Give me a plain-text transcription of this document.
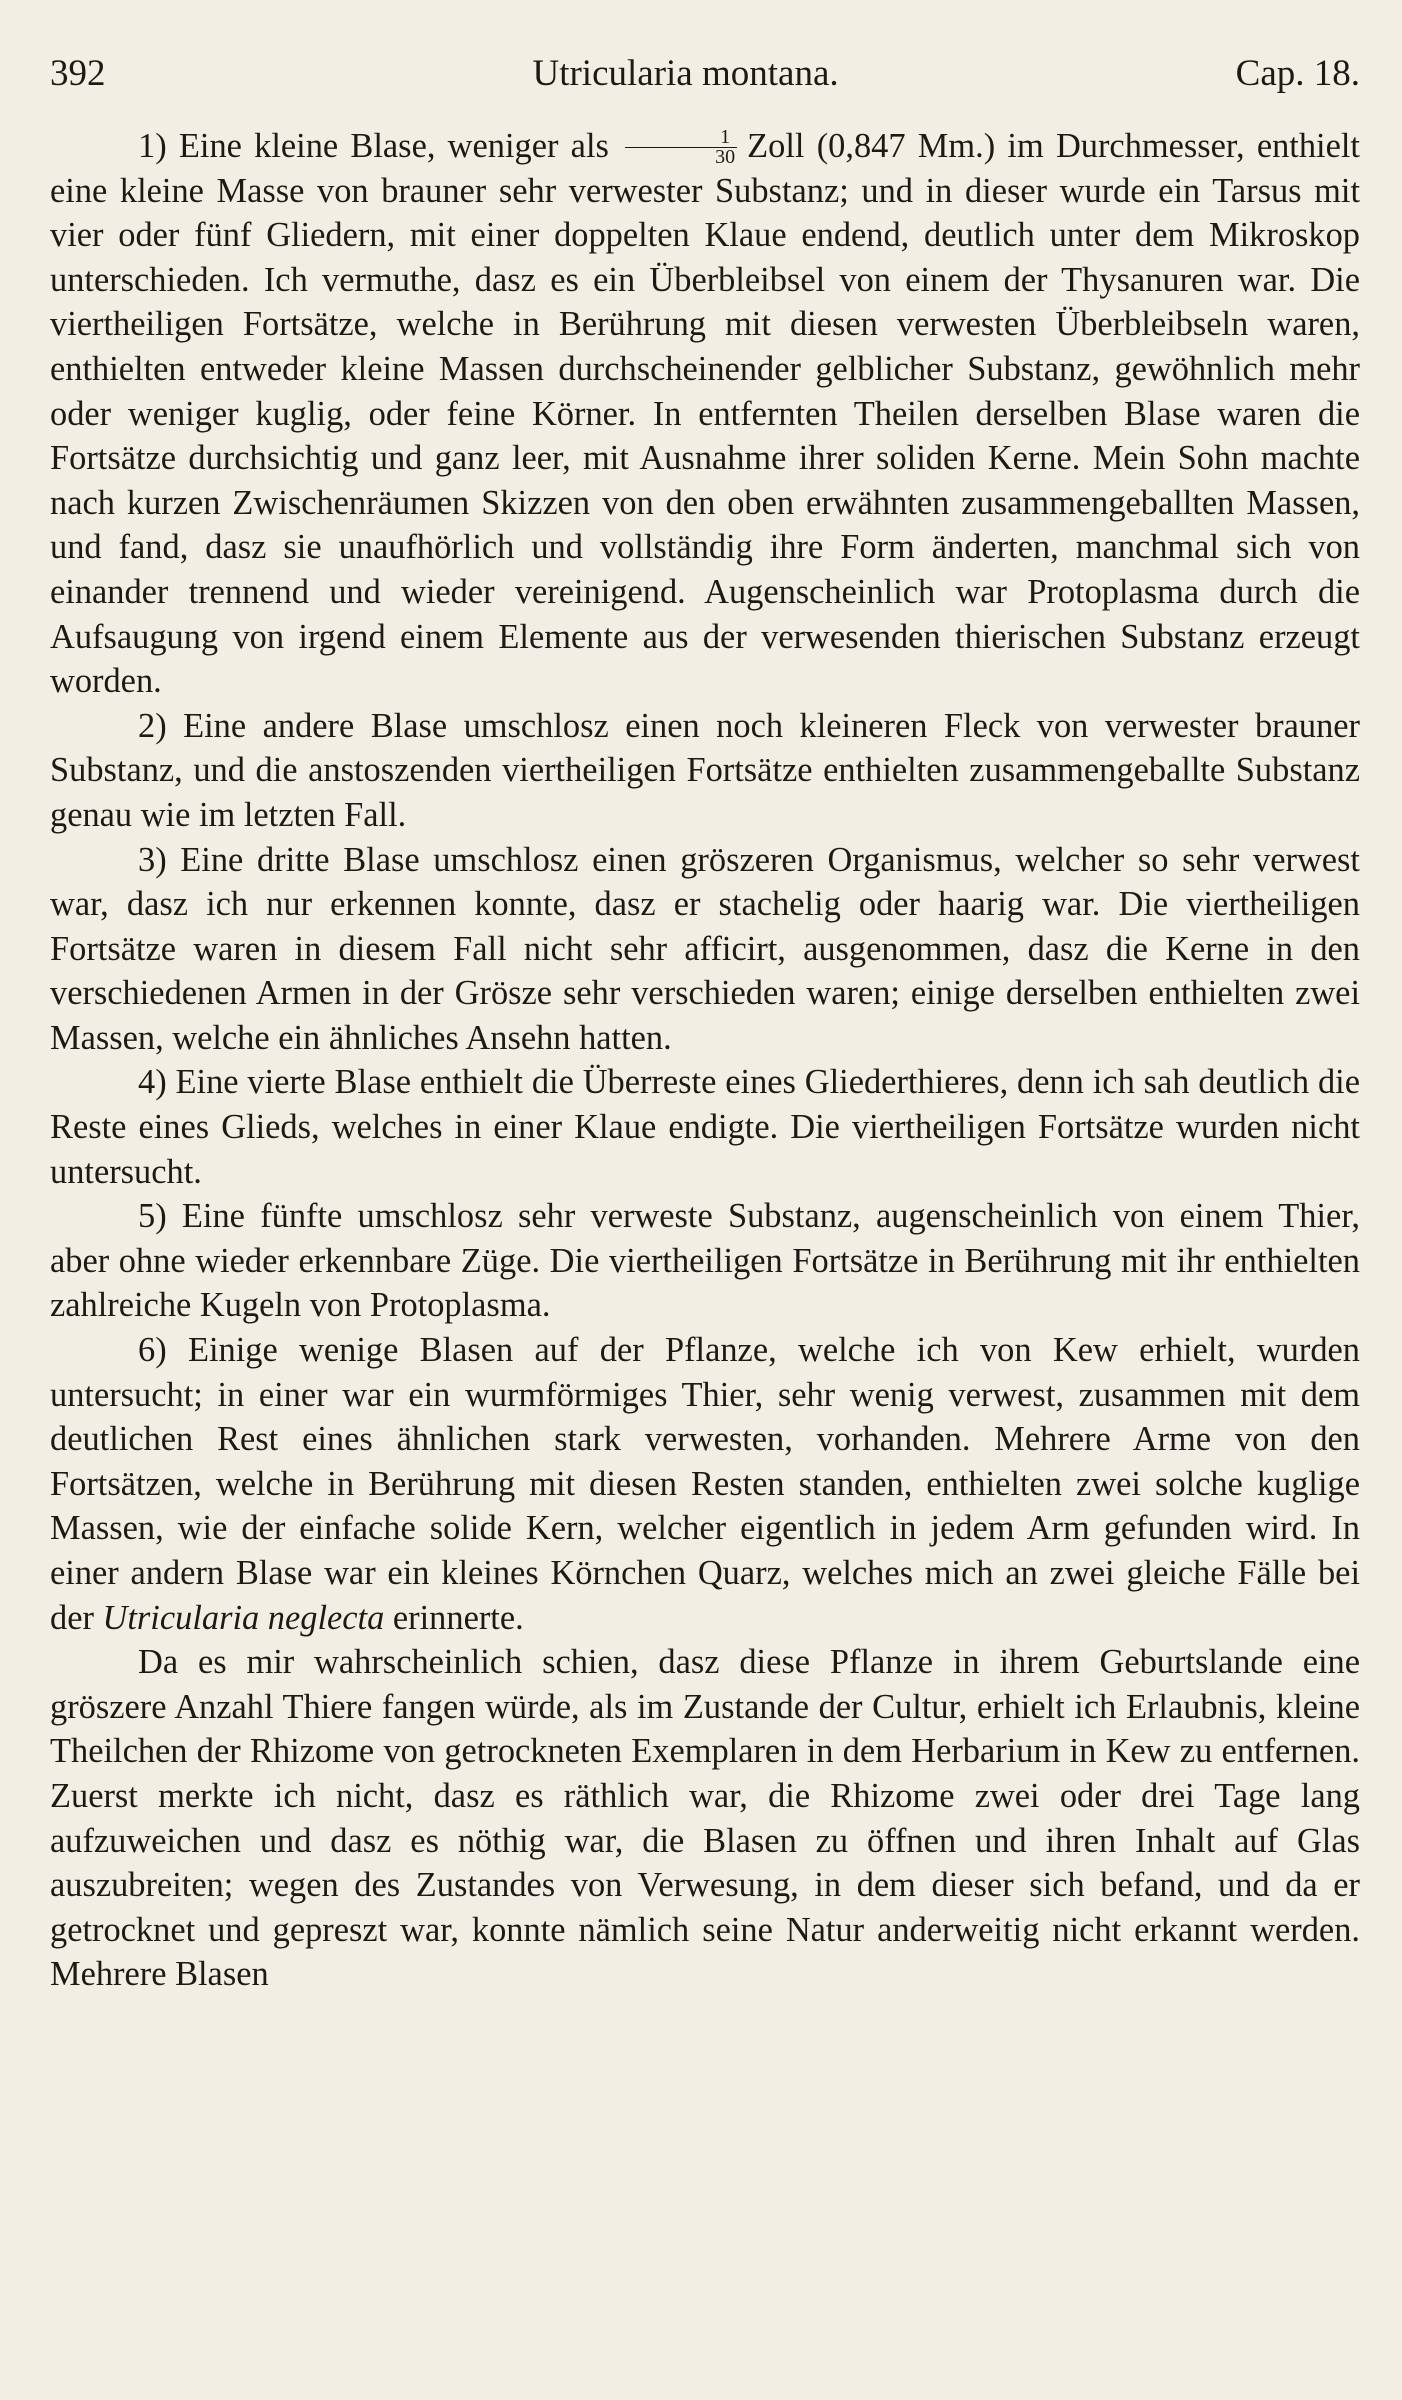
392	Utricularia montana.	Cap. 18.

1) Eine kleine Blase, weniger als $\frac{1}{30}$ Zoll (0,847 Mm.) im Durchmesser, enthielt eine kleine Masse von brauner sehr verwester Substanz; und in dieser wurde ein Tarsus mit vier oder fünf Gliedern, mit einer doppelten Klaue endend, deutlich unter dem Mikroskop unterschieden. Ich vermuthe, dasz es ein Überbleibsel von einem der Thysanuren war. Die viertheiligen Fortsätze, welche in Berührung mit diesen verwesten Überbleibseln waren, enthielten entweder kleine Massen durchscheinender gelblicher Substanz, gewöhnlich mehr oder weniger kuglig, oder feine Körner. In entfernten Theilen derselben Blase waren die Fortsätze durchsichtig und ganz leer, mit Ausnahme ihrer soliden Kerne. Mein Sohn machte nach kurzen Zwischenräumen Skizzen von den oben erwähnten zusammengeballten Massen, und fand, dasz sie unaufhörlich und vollständig ihre Form änderten, manchmal sich von einander trennend und wieder vereinigend. Augenscheinlich war Protoplasma durch die Aufsaugung von irgend einem Elemente aus der verwesenden thierischen Substanz erzeugt worden.

2) Eine andere Blase umschlosz einen noch kleineren Fleck von verwester brauner Substanz, und die anstoszenden viertheiligen Fortsätze enthielten zusammengeballte Substanz genau wie im letzten Fall.

3) Eine dritte Blase umschlosz einen gröszeren Organismus, welcher so sehr verwest war, dasz ich nur erkennen konnte, dasz er stachelig oder haarig war. Die viertheiligen Fortsätze waren in diesem Fall nicht sehr afficirt, ausgenommen, dasz die Kerne in den verschiedenen Armen in der Grösze sehr verschieden waren; einige derselben enthielten zwei Massen, welche ein ähnliches Ansehn hatten.

4) Eine vierte Blase enthielt die Überreste eines Gliederthieres, denn ich sah deutlich die Reste eines Glieds, welches in einer Klaue endigte. Die viertheiligen Fortsätze wurden nicht untersucht.

5) Eine fünfte umschlosz sehr verweste Substanz, augenscheinlich von einem Thier, aber ohne wieder erkennbare Züge. Die viertheiligen Fortsätze in Berührung mit ihr enthielten zahlreiche Kugeln von Protoplasma.

6) Einige wenige Blasen auf der Pflanze, welche ich von Kew erhielt, wurden untersucht; in einer war ein wurmförmiges Thier, sehr wenig verwest, zusammen mit dem deutlichen Rest eines ähnlichen stark verwesten, vorhanden. Mehrere Arme von den Fortsätzen, welche in Berührung mit diesen Resten standen, enthielten zwei solche kuglige Massen, wie der einfache solide Kern, welcher eigentlich in jedem Arm gefunden wird. In einer andern Blase war ein kleines Körnchen Quarz, welches mich an zwei gleiche Fälle bei der Utricularia neglecta erinnerte.

Da es mir wahrscheinlich schien, dasz diese Pflanze in ihrem Geburtslande eine gröszere Anzahl Thiere fangen würde, als im Zustande der Cultur, erhielt ich Erlaubnis, kleine Theilchen der Rhizome von getrockneten Exemplaren in dem Herbarium in Kew zu entfernen. Zuerst merkte ich nicht, dasz es räthlich war, die Rhizome zwei oder drei Tage lang aufzuweichen und dasz es nöthig war, die Blasen zu öffnen und ihren Inhalt auf Glas auszubreiten; wegen des Zustandes von Verwesung, in dem dieser sich befand, und da er getrocknet und gepreszt war, konnte nämlich seine Natur anderweitig nicht erkannt werden. Mehrere Blasen
